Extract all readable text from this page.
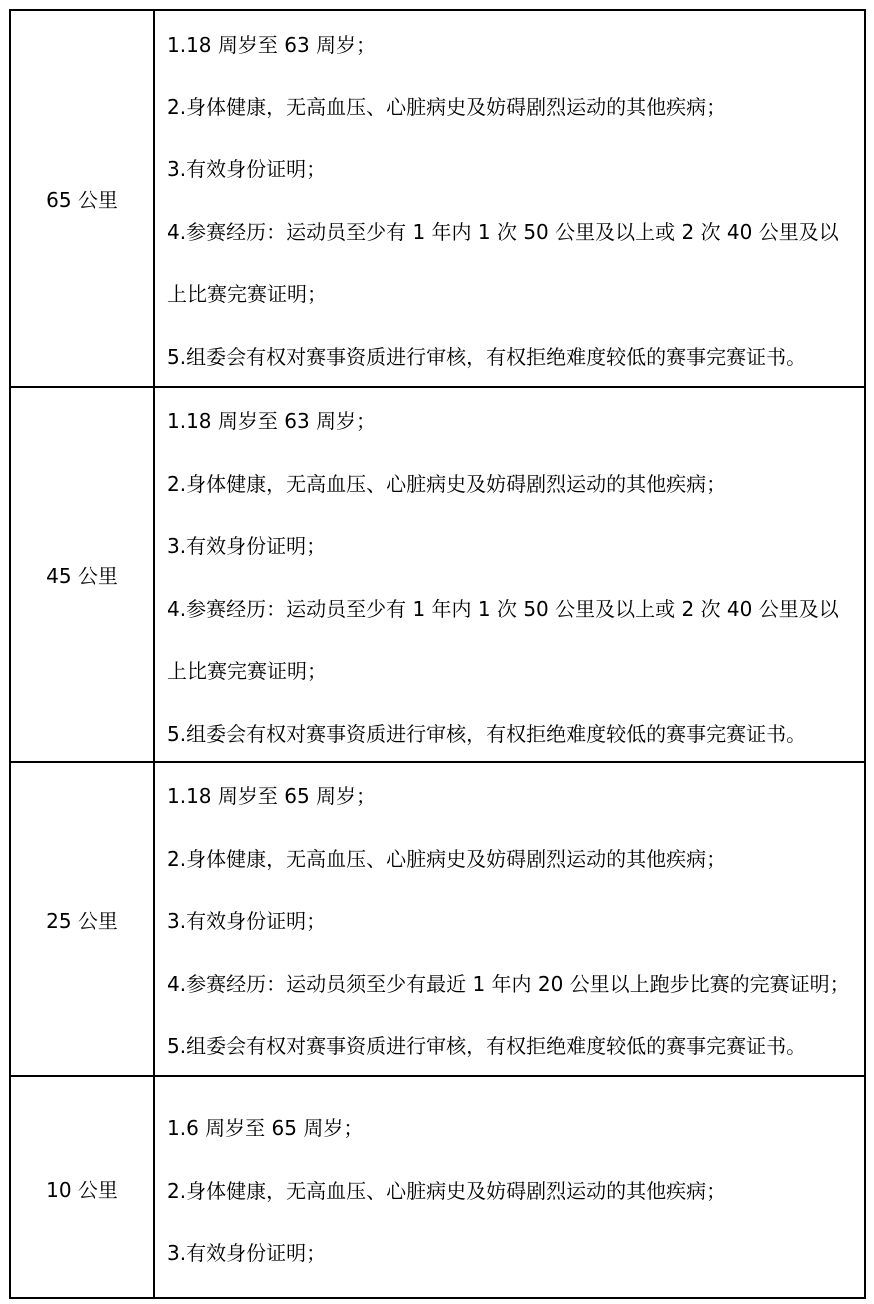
65 公里
1.18 周岁至 63 周岁；
2.身体健康，无高血压、心脏病史及妨碍剧烈运动的其他疾病；
3.有效身份证明；
4.参赛经历：运动员至少有 1 年内 1 次 50 公里及以上或 2 次 40 公里及以
上比赛完赛证明；
5.组委会有权对赛事资质进行审核，有权拒绝难度较低的赛事完赛证书。
45 公里
1.18 周岁至 63 周岁；
2.身体健康，无高血压、心脏病史及妨碍剧烈运动的其他疾病；
3.有效身份证明；
4.参赛经历：运动员至少有 1 年内 1 次 50 公里及以上或 2 次 40 公里及以
上比赛完赛证明；
5.组委会有权对赛事资质进行审核，有权拒绝难度较低的赛事完赛证书。
25 公里
1.18 周岁至 65 周岁；
2.身体健康，无高血压、心脏病史及妨碍剧烈运动的其他疾病；
3.有效身份证明；
4.参赛经历：运动员须至少有最近 1 年内 20 公里以上跑步比赛的完赛证明；
5.组委会有权对赛事资质进行审核，有权拒绝难度较低的赛事完赛证书。
10 公里
1.6 周岁至 65 周岁；
2.身体健康，无高血压、心脏病史及妨碍剧烈运动的其他疾病；
3.有效身份证明；
